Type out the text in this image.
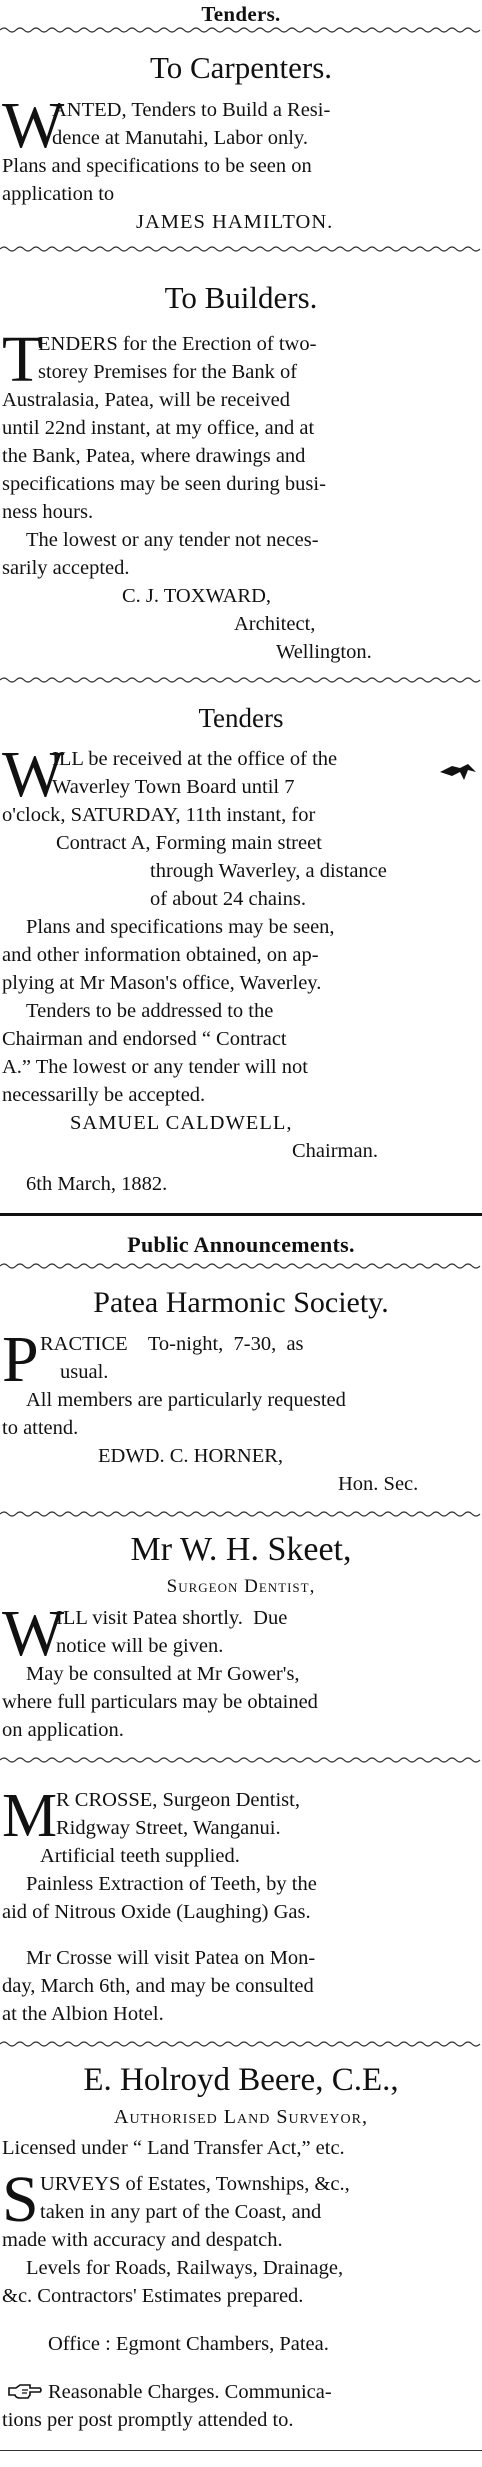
Tenders.
To Carpenters.
W
ANTED, Tenders to Build a Resi-
dence at Manutahi, Labor only.
Plans and specifications to be seen on
application to
JAMES HAMILTON.
To Builders.
T
ENDERS for the Erection of two-
storey Premises for the Bank of
Australasia, Patea, will be received
until 22nd instant, at my office, and at
the Bank, Patea, where drawings and
specifications may be seen during busi-
ness hours.
The lowest or any tender not neces-
sarily accepted.
C. J. TOXWARD,
Architect,
Wellington.
Tenders
W
ILL be received at the office of the
Waverley Town Board until 7
o'clock, SATURDAY, 11th instant, for
Contract A, Forming main street
through Waverley, a distance
of about 24 chains.
Plans and specifications may be seen,
and other information obtained, on ap-
plying at Mr Mason's office, Waverley.
Tenders to be addressed to the
Chairman and endorsed “ Contract
A.” The lowest or any tender will not
necessarilly be accepted.
SAMUEL CALDWELL,
Chairman.
6th March, 1882.
Public Announcements.
Patea Harmonic Society.
P RACTICE    To-night,  7-30,  as
usual.
All members are particularly requested
to attend.
EDWD. C. HORNER,
Hon. Sec.
Mr W. H. Skeet,
Surgeon Dentist,
W
ILL visit Patea shortly.  Due
notice will be given.
May be consulted at Mr Gower's,
where full particulars may be obtained
on application.
M
R CROSSE, Surgeon Dentist,
Ridgway Street, Wanganui.
Artificial teeth supplied.
Painless Extraction of Teeth, by the
aid of Nitrous Oxide (Laughing) Gas.
Mr Crosse will visit Patea on Mon-
day, March 6th, and may be consulted
at the Albion Hotel.
E. Holroyd Beere, C.E.,
Authorised Land Surveyor,
Licensed under “ Land Transfer Act,” etc.
S URVEYS of Estates, Townships, &c.,
taken in any part of the Coast, and
made with accuracy and despatch.
Levels for Roads, Railways, Drainage,
&c. Contractors' Estimates prepared.
Office : Egmont Chambers, Patea.
Reasonable Charges. Communica-
tions per post promptly attended to.
